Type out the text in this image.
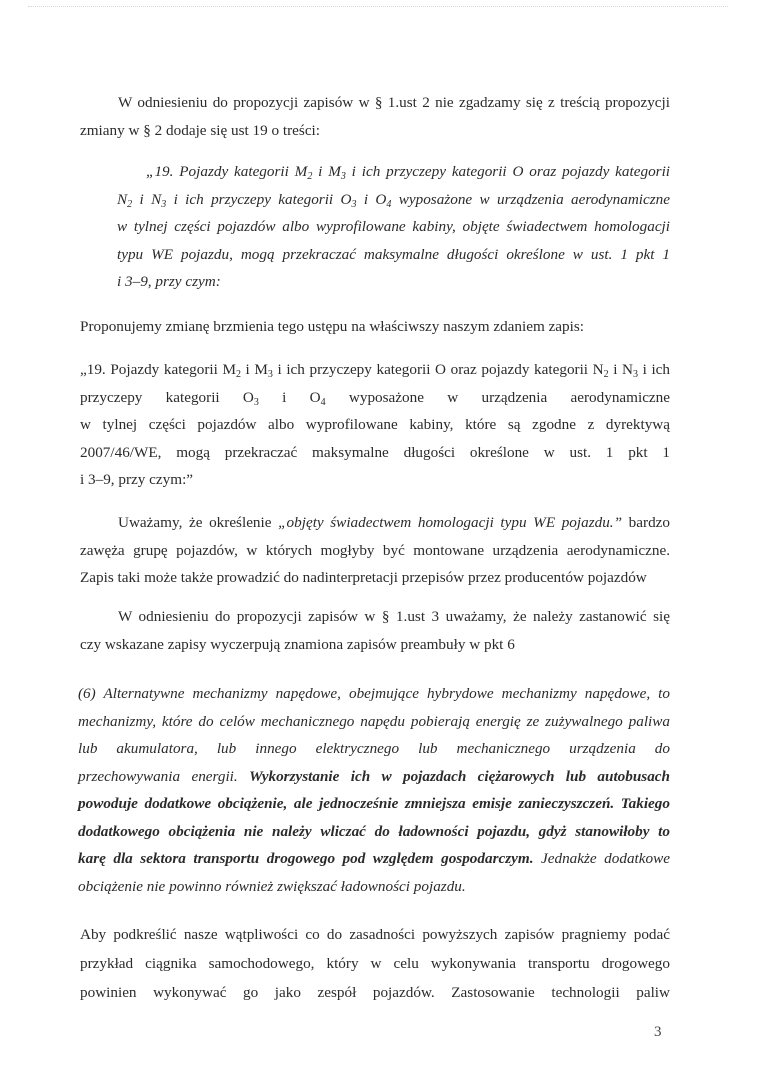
W odniesieniu do propozycji zapisów w § 1.ust 2 nie zgadzamy się z treścią propozycji
zmiany w § 2 dodaje się ust 19 o treści:
„19. Pojazdy kategorii $M_2$ i $M_3$ i ich przyczepy kategorii O oraz pojazdy kategorii
$N_2$ i $N_3$ i ich przyczepy kategorii $O_3$ i $O_4$ wyposażone w urządzenia aerodynamiczne
w tylnej części pojazdów albo wyprofilowane kabiny, objęte świadectwem homologacji
typu WE pojazdu, mogą przekraczać maksymalne długości określone w ust. 1 pkt 1
i 3–9, przy czym:
Proponujemy zmianę brzmienia tego ustępu na właściwszy naszym zdaniem zapis:
„19. Pojazdy kategorii $M_2$ i $M_3$ i ich przyczepy kategorii O oraz pojazdy kategorii $N_2$ i $N_3$ i ich
przyczepy kategorii $O_3$ i $O_4$ wyposażone w urządzenia aerodynamiczne
w tylnej części pojazdów albo wyprofilowane kabiny, które są zgodne z dyrektywą
2007/46/WE, mogą przekraczać maksymalne długości określone w ust. 1 pkt 1
i 3–9, przy czym:”
Uważamy, że określenie „objęty świadectwem homologacji typu WE pojazdu.” bardzo
zawęża grupę pojazdów, w których mogłyby być montowane urządzenia aerodynamiczne.
Zapis taki może także prowadzić do nadinterpretacji przepisów przez producentów pojazdów
W odniesieniu do propozycji zapisów w § 1.ust 3 uważamy, że należy zastanowić się
czy wskazane zapisy wyczerpują znamiona zapisów preambuły w pkt 6
(6) Alternatywne mechanizmy napędowe, obejmujące hybrydowe mechanizmy napędowe, to
mechanizmy, które do celów mechanicznego napędu pobierają energię ze zużywalnego paliwa
lub akumulatora, lub innego elektrycznego lub mechanicznego urządzenia do
przechowywania energii. Wykorzystanie ich w pojazdach ciężarowych lub autobusach
powoduje dodatkowe obciążenie, ale jednocześnie zmniejsza emisje zanieczyszczeń. Takiego
dodatkowego obciążenia nie należy wliczać do ładowności pojazdu, gdyż stanowiłoby to
karę dla sektora transportu drogowego pod względem gospodarczym. Jednakże dodatkowe
obciążenie nie powinno również zwiększać ładowności pojazdu.
Aby podkreślić nasze wątpliwości co do zasadności powyższych zapisów pragniemy podać
przykład ciągnika samochodowego, który w celu wykonywania transportu drogowego
powinien wykonywać go jako zespół pojazdów. Zastosowanie technologii paliw
3
